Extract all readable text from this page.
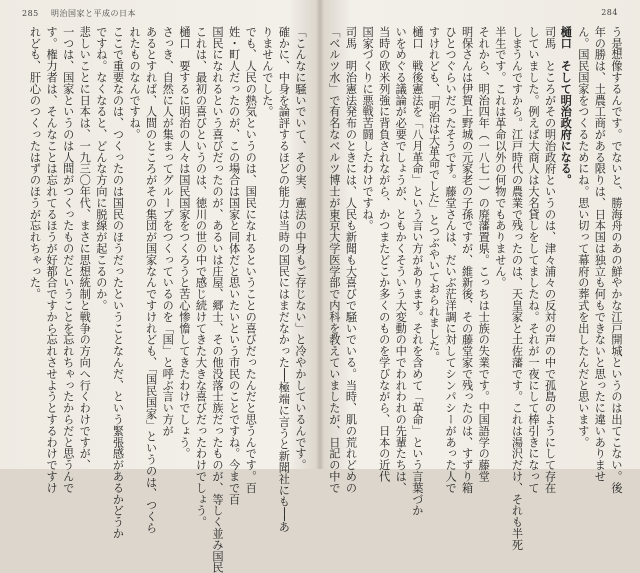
285 明治国家と平成の日本	284
う是想像するんです。でないと、勝海舟のあの鮮やかな江戸開城というのは出てこない。後
年の勝は、土農工商がある限りは、日本国は独立も何もできないと思ったに違いありませ
ん。国民国家をつくるためにね。思い切って幕府の葬式を出したんだと思います。
樋口　そして明治政府になる。
司馬　ところがその明治政府というのは、津々浦々の反対の声の中で孤島のようにして存在
していました。例えば大商人は大名貸しをしてましたね。それが一夜にして棒引きになって
しまうんですから。江戸時代の農業で残ったのは、天皇家と土佐藩です。これは湯沢だけ、それも半死
半生です。これは革命以外の何物でもありません。
それから、明治四年（一八七一）の廃藩置県。こっちは士族の失業です。中国語学の藤堂
明保さんは伊賀上野城の元家老の子孫ですが、維新後、その藤堂家で残ったのは、すずり箱
ひとつぐらいだったそうです。藤堂さんは、だいぶ茫洋調に対してシンパシーがあった人で
すけれども、「明治は大革命でした」とつぶやいておられました。
樋口　戦後憲法を「八月革命」という言い方があります。それを含めて「革命」という言葉づか
いをめぐる議論が必要でしょうが、ともかくそういう大変動の中でわれわれの先輩たちは、
当時の欧米列強に背負されながら、かつまたどこか多くのものを学びながら、日本の近代
国家づくりに悪戦苦闘したわけですね。
司馬　明治憲法発布のときには、人民も新聞も大喜びで騒いでいる。当時、肌の荒れどめの
「ベルツ水」で有名なベルツ博士が東京大学医学部で内科を教えていましたが、日記の中で
「こんなに騒いでいて、その実、憲法の中身もご存じない」と冷やかしているんです。
確かに、中身を論評するほどの能力は当時の国民にはまだなかった──極端に言うと新聞社にも──あ
りませんでした。
でも、人民の熱気というのは、国民になれるということの喜びだったんだと思うんです。百
姓・町人だったのが、この場合は国家と同体だと思いたいという市民のことですね。今まで百
国民になれるという喜びだったのが、あるいは庄屋、郷士、その他没落士族だったものが、等しく並み国民
これは、最初の喜びというのは、徳川の世の中で感じ続けてきた大きな喜びだったわけでしょう。
樋口　要するに明治の人々は国民国家をつくろうと苦心惨憺してきたわけでしょう。
さっき、自然に人が集まってグループをつくっているのを「国」と呼ぶ言い方が
あるとすれば、人間のところがその集団が国家なんですけれども、「国民国家」というのは、つくら
れたものなんですね。
ここで重要なのは、つくったのは国民のほうだったということなんだ、という緊張感があるかどうか
ですね。なくなると、どんな方向に脱線が起こるのか。
悲しいことに日本は、一九三〇年代、まさに思想統制と戦争の方向へ行くわけですが、
一つは、国家というのは人間がつくったものだということを忘れちゃったからだと思うんで
す。権力者は、そんなことは忘れてるほうが好都合ですから忘れさせようとするわけですけ
れども、肝心のつくったはずのほうが忘れちゃった。
